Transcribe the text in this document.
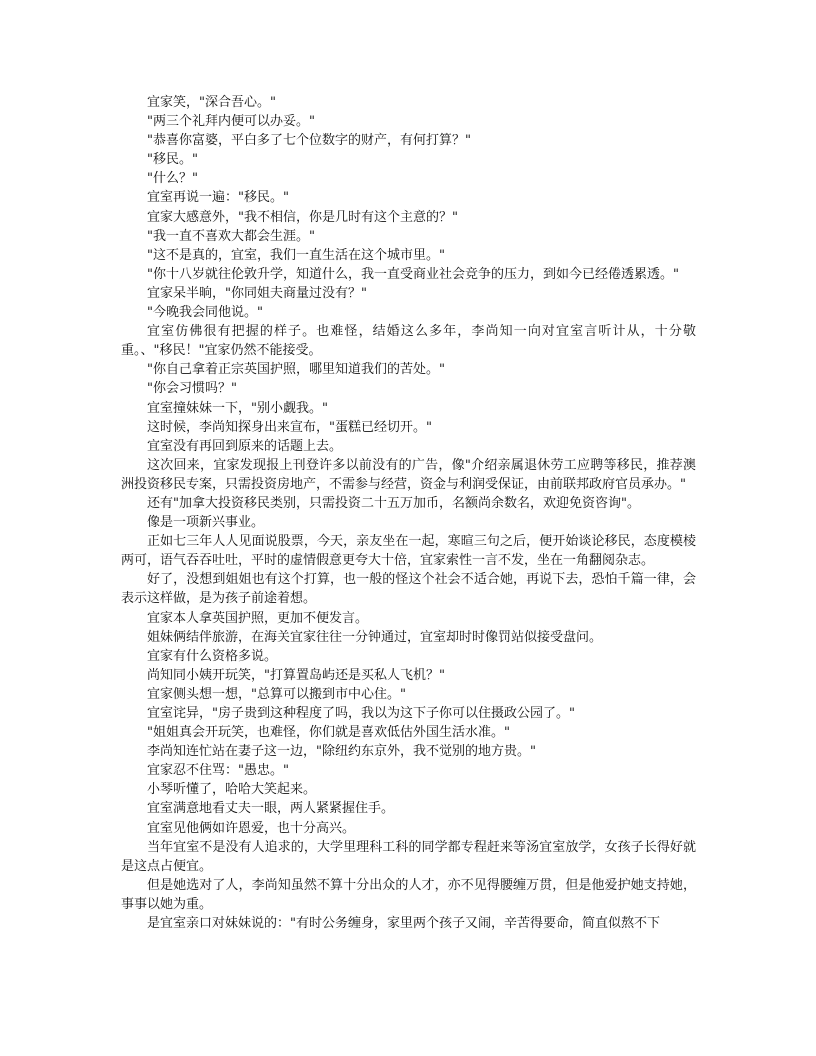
宜家笑，"深合吾心。"

"两三个礼拜内便可以办妥。"

"恭喜你富婆，平白多了七个位数字的财产，有何打算？"

"移民。"

"什么？"

宜室再说一遍："移民。"

宜家大感意外，"我不相信，你是几时有这个主意的？"

"我一直不喜欢大都会生涯。"

"这不是真的，宜室，我们一直生活在这个城市里。"

"你十八岁就往伦敦升学，知道什么，我一直受商业社会竞争的压力，到如今已经倦透累透。"

宜家呆半晌，"你同姐夫商量过没有？"

"今晚我会同他说。"

宜室仿佛很有把握的样子。也难怪，结婚这么多年，李尚知一向对宜室言听计从，十分敬重。、"移民！"宜家仍然不能接受。

"你自己拿着正宗英国护照，哪里知道我们的苦处。"

"你会习惯吗？"

宜室撞妹妹一下，"别小觑我。"

这时候，李尚知探身出来宣布，"蛋糕已经切开。"

宜室没有再回到原来的话题上去。

这次回来，宜家发现报上刊登许多以前没有的广告，像"介绍亲属退休劳工应聘等移民，推荐澳洲投资移民专案，只需投资房地产，不需参与经营，资金与利润受保证，由前联邦政府官员承办。"

还有"加拿大投资移民类别，只需投资二十五万加币，名额尚余数名，欢迎免资咨询"。

像是一项新兴事业。

正如七三年人人见面说股票，今天，亲友坐在一起，寒暄三句之后，便开始谈论移民，态度模棱两可，语气吞吞吐吐，平时的虚情假意更夸大十倍，宜家索性一言不发，坐在一角翻阅杂志。

好了，没想到姐姐也有这个打算，也一般的怪这个社会不适合她，再说下去，恐怕千篇一律，会表示这样做，是为孩子前途着想。

宜家本人拿英国护照，更加不便发言。

姐妹俩结伴旅游，在海关宜家往往一分钟通过，宜室却时时像罚站似接受盘问。

宜家有什么资格多说。

尚知同小姨开玩笑，"打算置岛屿还是买私人飞机？"

宜家侧头想一想，"总算可以搬到市中心住。"

宜室诧异，"房子贵到这种程度了吗，我以为这下子你可以住摄政公园了。"

"姐姐真会开玩笑，也难怪，你们就是喜欢低估外国生活水准。"

李尚知连忙站在妻子这一边，"除纽约东京外，我不觉别的地方贵。"

宜家忍不住骂："愚忠。"

小琴听懂了，哈哈大笑起来。

宜室满意地看丈夫一眼，两人紧紧握住手。

宜室见他俩如许恩爱，也十分高兴。

当年宜室不是没有人追求的，大学里理科工科的同学都专程赶来等汤宜室放学，女孩子长得好就是这点占便宜。

但是她选对了人，李尚知虽然不算十分出众的人才，亦不见得腰缠万贯，但是他爱护她支持她，事事以她为重。

是宜室亲口对妹妹说的："有时公务缠身，家里两个孩子又闹，辛苦得要命，简直似熬不下
